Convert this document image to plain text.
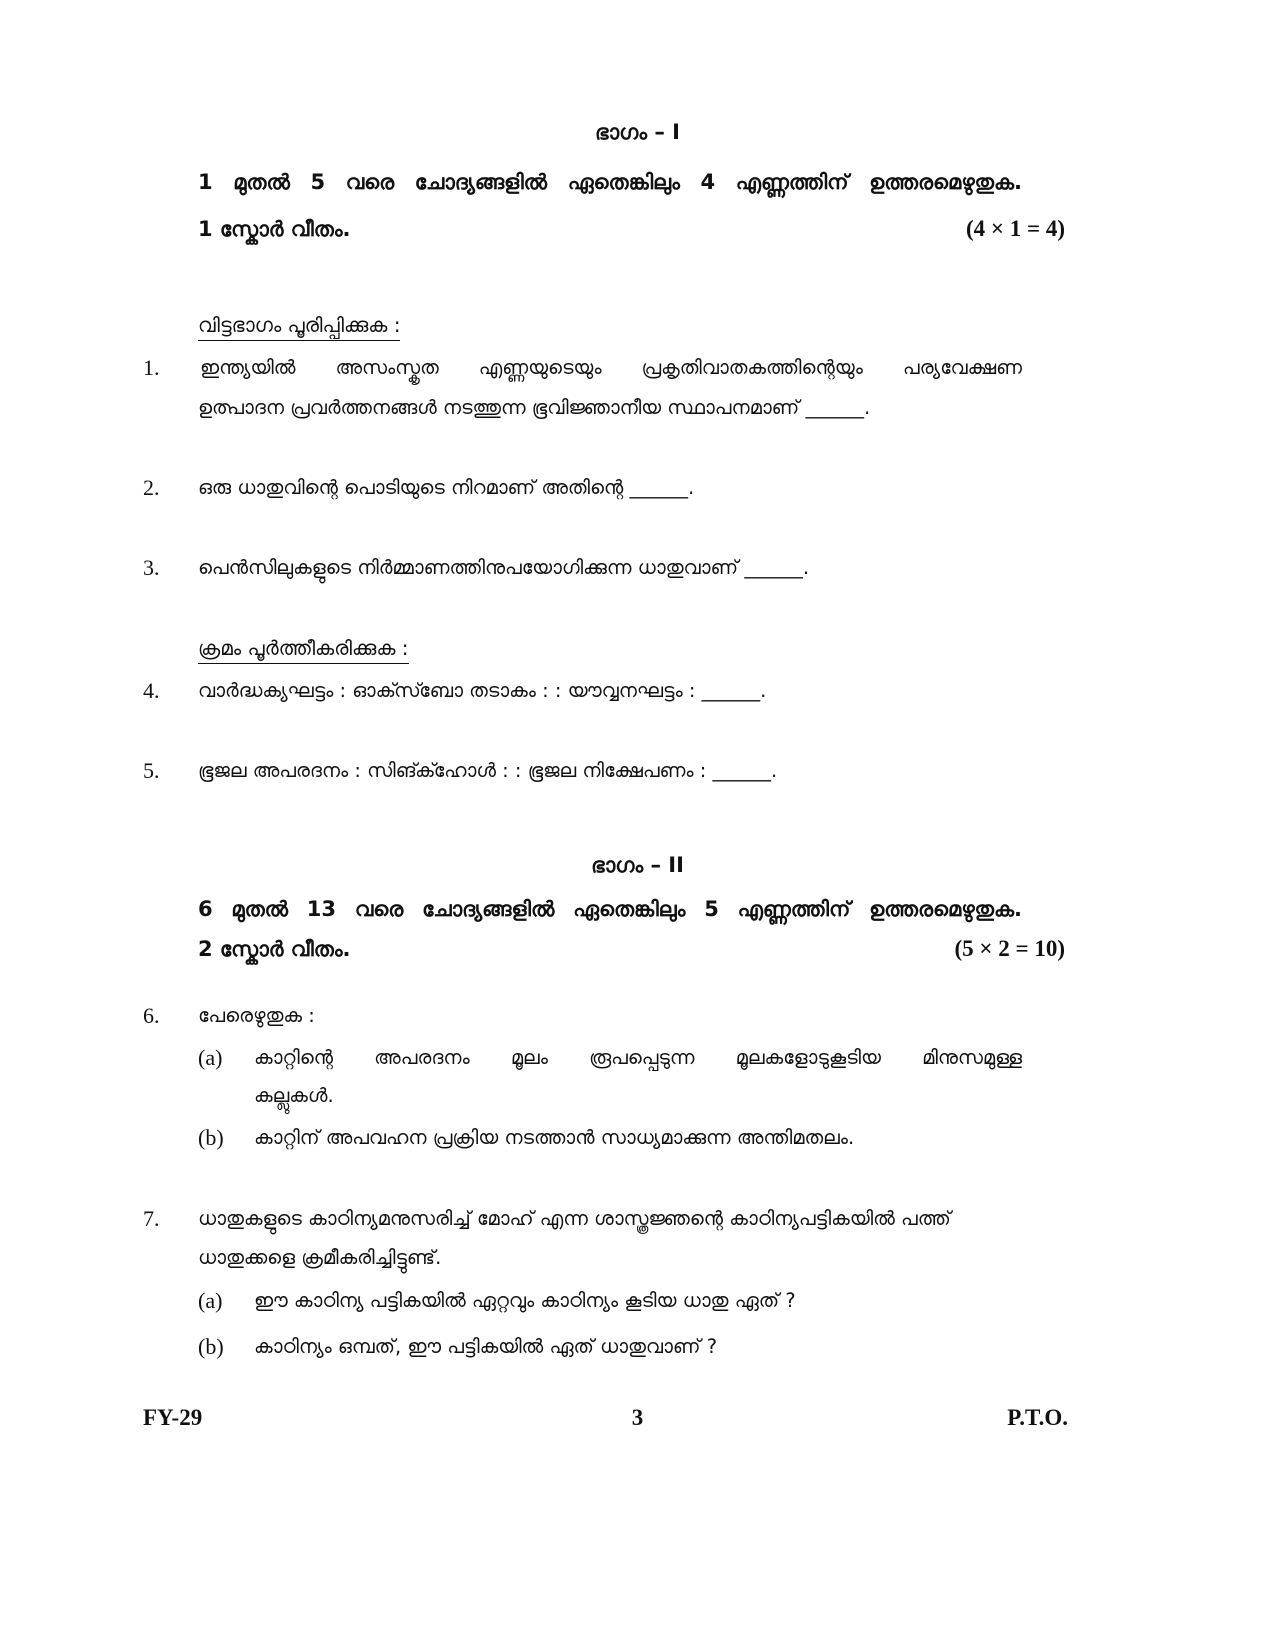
ഭാഗം – I
1 മുതൽ 5 വരെ ചോദ്യങ്ങളിൽ ഏതെങ്കിലും 4 എണ്ണത്തിന് ഉത്തരമെഴുതുക.
1 സ്കോർ വീതം.	(4 × 1 = 4)
വിട്ടഭാഗം പൂരിപ്പിക്കുക :
1. ഇന്ത്യയിൽ അസംസ്കൃത എണ്ണയുടെയും പ്രകൃതിവാതകത്തിന്റെയും പര്യവേക്ഷണ
ഉത്പാദന പ്രവർത്തനങ്ങൾ നടത്തുന്ന ഭൂവിജ്ഞാനീയ സ്ഥാപനമാണ് ______.
2. ഒരു ധാതുവിന്റെ പൊടിയുടെ നിറമാണ് അതിന്റെ ______.
3. പെൻസിലുകളുടെ നിർമ്മാണത്തിനുപയോഗിക്കുന്ന ധാതുവാണ് ______.
ക്രമം പൂർത്തീകരിക്കുക :
4. വാർദ്ധക്യഘട്ടം : ഓക്സ്ബോ തടാകം : : യൗവ്വനഘട്ടം : ______.
5. ഭൂജല അപരദനം : സിങ്ക്ഹോൾ : : ഭൂജല നിക്ഷേപണം : ______.
ഭാഗം – II
6 മുതൽ 13 വരെ ചോദ്യങ്ങളിൽ ഏതെങ്കിലും 5 എണ്ണത്തിന് ഉത്തരമെഴുതുക.
2 സ്കോർ വീതം.	(5 × 2 = 10)
6. പേരെഴുതുക :
(a) കാറ്റിന്റെ അപരദനം മൂലം രൂപപ്പെടുന്ന മൂലകളോടുകൂടിയ മിനുസമുള്ള
കല്ലുകൾ.
(b) കാറ്റിന് അപവഹന പ്രക്രിയ നടത്താൻ സാധ്യമാക്കുന്ന അന്തിമതലം.
7. ധാതുകളുടെ കാഠിന്യമനുസരിച്ച് മോഹ് എന്ന ശാസ്ത്രജ്ഞന്റെ കാഠിന്യപട്ടികയിൽ പത്ത്
ധാതുക്കളെ ക്രമീകരിച്ചിട്ടുണ്ട്.
(a) ഈ കാഠിന്യ പട്ടികയിൽ ഏറ്റവും കാഠിന്യം കൂടിയ ധാതു ഏത് ?
(b) കാഠിന്യം ഒമ്പത്, ഈ പട്ടികയിൽ ഏത് ധാതുവാണ് ?
FY-29	3	P.T.O.
